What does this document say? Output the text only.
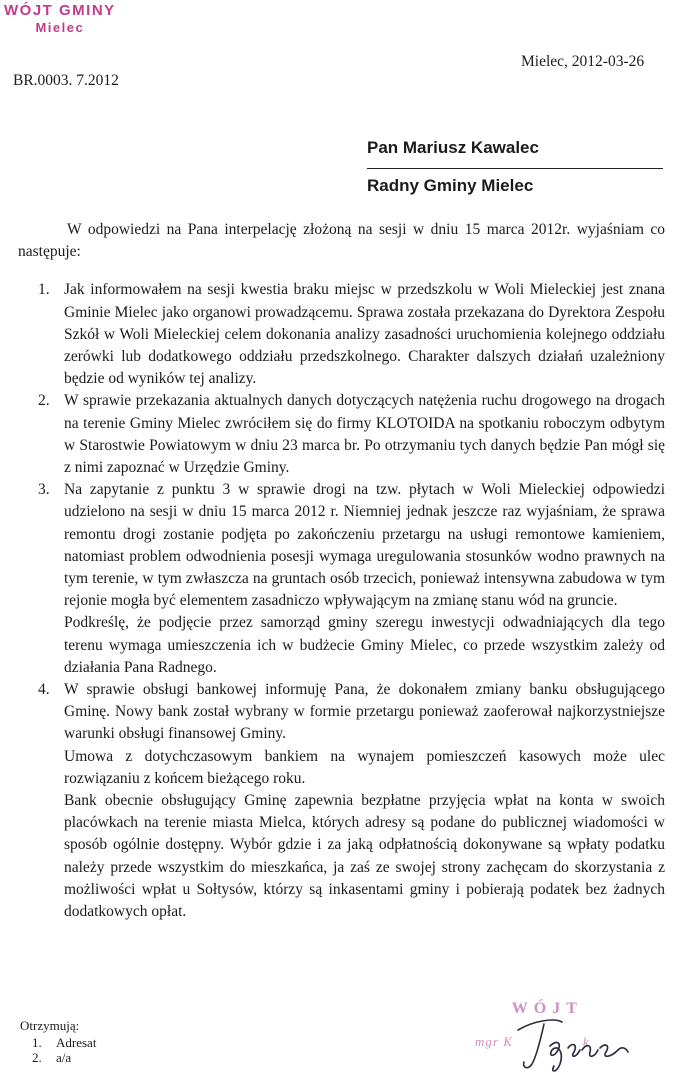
WÓJT GMINY
Mielec
BR.0003. 7.2012
Mielec, 2012-03-26
Pan Mariusz Kawalec
Radny Gminy Mielec

W odpowiedzi na Pana interpelację złożoną na sesji w dniu 15 marca 2012r. wyjaśniam co następuje:

1. Jak informowałem na sesji kwestia braku miejsc w przedszkolu w Woli Mieleckiej jest znana Gminie Mielec jako organowi prowadzącemu. Sprawa została przekazana do Dyrektora Zespołu Szkół w Woli Mieleckiej celem dokonania analizy zasadności uruchomienia kolejnego oddziału zerówki lub dodatkowego oddziału przedszkolnego. Charakter dalszych działań uzależniony będzie od wyników tej analizy.

2. W sprawie przekazania aktualnych danych dotyczących natężenia ruchu drogowego na drogach na terenie Gminy Mielec zwróciłem się do firmy KLOTOIDA na spotkaniu roboczym odbytym w Starostwie Powiatowym w dniu 23 marca br. Po otrzymaniu tych danych będzie Pan mógł się z nimi zapoznać w Urzędzie Gminy.

3. Na zapytanie z punktu 3 w sprawie drogi na tzw. płytach w Woli Mieleckiej odpowiedzi udzielono na sesji w dniu 15 marca 2012 r. Niemniej jednak jeszcze raz wyjaśniam, że sprawa remontu drogi zostanie podjęta po zakończeniu przetargu na usługi remontowe kamieniem, natomiast problem odwodnienia posesji wymaga uregulowania stosunków wodno prawnych na tym terenie, w tym zwłaszcza na gruntach osób trzecich, ponieważ intensywna zabudowa w tym rejonie mogła być elementem zasadniczo wpływającym na zmianę stanu wód na gruncie.

Podkreślę, że podjęcie przez samorząd gminy szeregu inwestycji odwadniających dla tego terenu wymaga umieszczenia ich w budżecie Gminy Mielec, co przede wszystkim zależy od działania Pana Radnego.

4. W sprawie obsługi bankowej informuję Pana, że dokonałem zmiany banku obsługującego Gminę. Nowy bank został wybrany w formie przetargu ponieważ zaoferował najkorzystniejsze warunki obsługi finansowej Gminy.

Umowa z dotychczasowym bankiem na wynajem pomieszczeń kasowych może ulec rozwiązaniu z końcem bieżącego roku.

Bank obecnie obsługujący Gminę zapewnia bezpłatne przyjęcia wpłat na konta w swoich placówkach na terenie miasta Mielca, których adresy są podane do publicznej wiadomości w sposób ogólnie dostępny. Wybór gdzie i za jaką odpłatnością dokonywane są wpłaty podatku należy przede wszystkim do mieszkańca, ja zaś ze swojej strony zachęcam do skorzystania z możliwości wpłat u Sołtysów, którzy są inkasentami gminy i pobierają podatek bez żadnych dodatkowych opłat.

Otrzymują:
1. Adresat
2. a/a
WÓJT
mgr K	k
